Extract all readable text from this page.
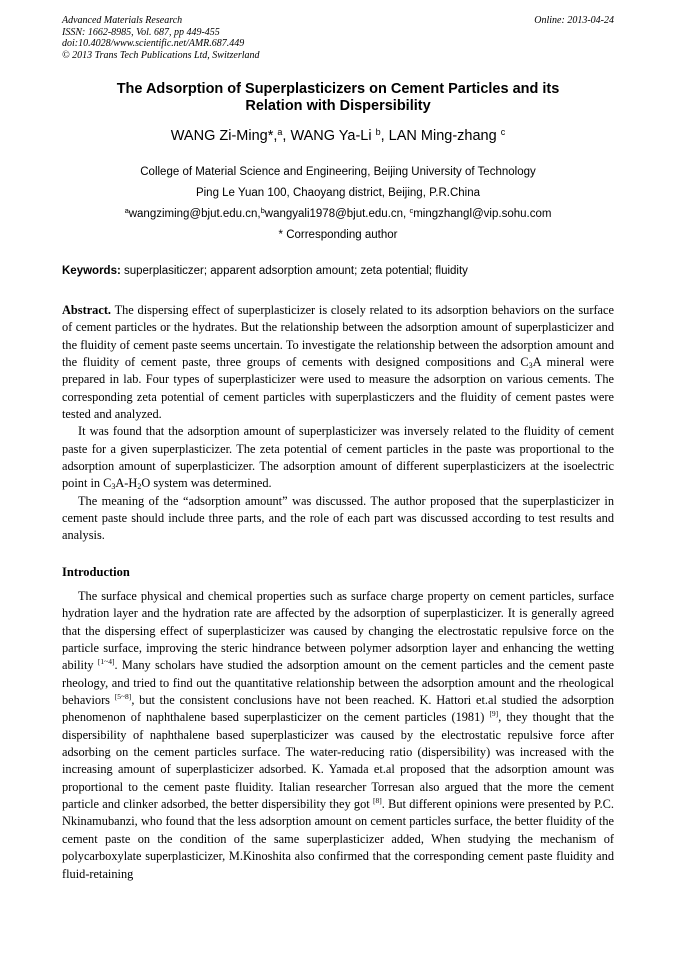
Advanced Materials Research
ISSN: 1662-8985, Vol. 687, pp 449-455
doi:10.4028/www.scientific.net/AMR.687.449
© 2013 Trans Tech Publications Ltd, Switzerland
Online: 2013-04-24
The Adsorption of Superplasticizers on Cement Particles and its
Relation with Dispersibility
WANG Zi-Ming*,$^a$, WANG Ya-Li $^b$, LAN Ming-zhang $^c$
College of Material Science and Engineering, Beijing University of Technology
Ping Le Yuan 100, Chaoyang district, Beijing, P.R.China
$^a$wangziming@bjut.edu.cn,$^b$wangyali1978@bjut.edu.cn, $^c$mingzhangl@vip.sohu.com
* Corresponding author
Keywords: superplasiticzer; apparent adsorption amount; zeta potential; fluidity

Abstract. The dispersing effect of superplasticizer is closely related to its adsorption behaviors on the surface of cement particles or the hydrates. But the relationship between the adsorption amount of superplasticizer and the fluidity of cement paste seems uncertain. To investigate the relationship between the adsorption amount and the fluidity of cement paste, three groups of cements with designed compositions and $C_3A$ mineral were prepared in lab. Four types of superplasticizer were used to measure the adsorption on various cements. The corresponding zeta potential of cement particles with superplasticzers and the fluidity of cement pastes were tested and analyzed.

It was found that the adsorption amount of superplasticizer was inversely related to the fluidity of cement paste for a given superplasticizer. The zeta potential of cement particles in the paste was proportional to the adsorption amount of superplasticizer. The adsorption amount of different superplasticizers at the isoelectric point in $C_3A-H_2O$ system was determined.

The meaning of the “adsorption amount” was discussed. The author proposed that the superplasticizer in cement paste should include three parts, and the role of each part was discussed according to test results and analysis.

Introduction

The surface physical and chemical properties such as surface charge property on cement particles, surface hydration layer and the hydration rate are affected by the adsorption of superplasticizer. It is generally agreed that the dispersing effect of superplasticizer was caused by changing the electrostatic repulsive force on the particle surface, improving the steric hindrance between polymer adsorption layer and enhancing the wetting ability [1~4]. Many scholars have studied the adsorption amount on the cement particles and the cement paste rheology, and tried to find out the quantitative relationship between the adsorption amount and the rheological behaviors [5~8], but the consistent conclusions have not been reached. K. Hattori et.al studied the adsorption phenomenon of naphthalene based superplasticizer on the cement particles (1981) [9], they thought that the dispersibility of naphthalene based superplasticizer was caused by the electrostatic repulsive force after adsorbing on the cement particles surface. The water-reducing ratio (dispersibility) was increased with the increasing amount of superplasticizer adsorbed. K. Yamada et.al proposed that the adsorption amount was proportional to the cement paste fluidity. Italian researcher Torresan also argued that the more the cement particle and clinker adsorbed, the better dispersibility they got [8]. But different opinions were presented by P.C. Nkinamubanzi, who found that the less adsorption amount on cement particles surface, the better fluidity of the cement paste on the condition of the same superplasticizer added, When studying the mechanism of polycarboxylate superplasticizer, M.Kinoshita also confirmed that the corresponding cement paste fluidity and fluid-retaining
